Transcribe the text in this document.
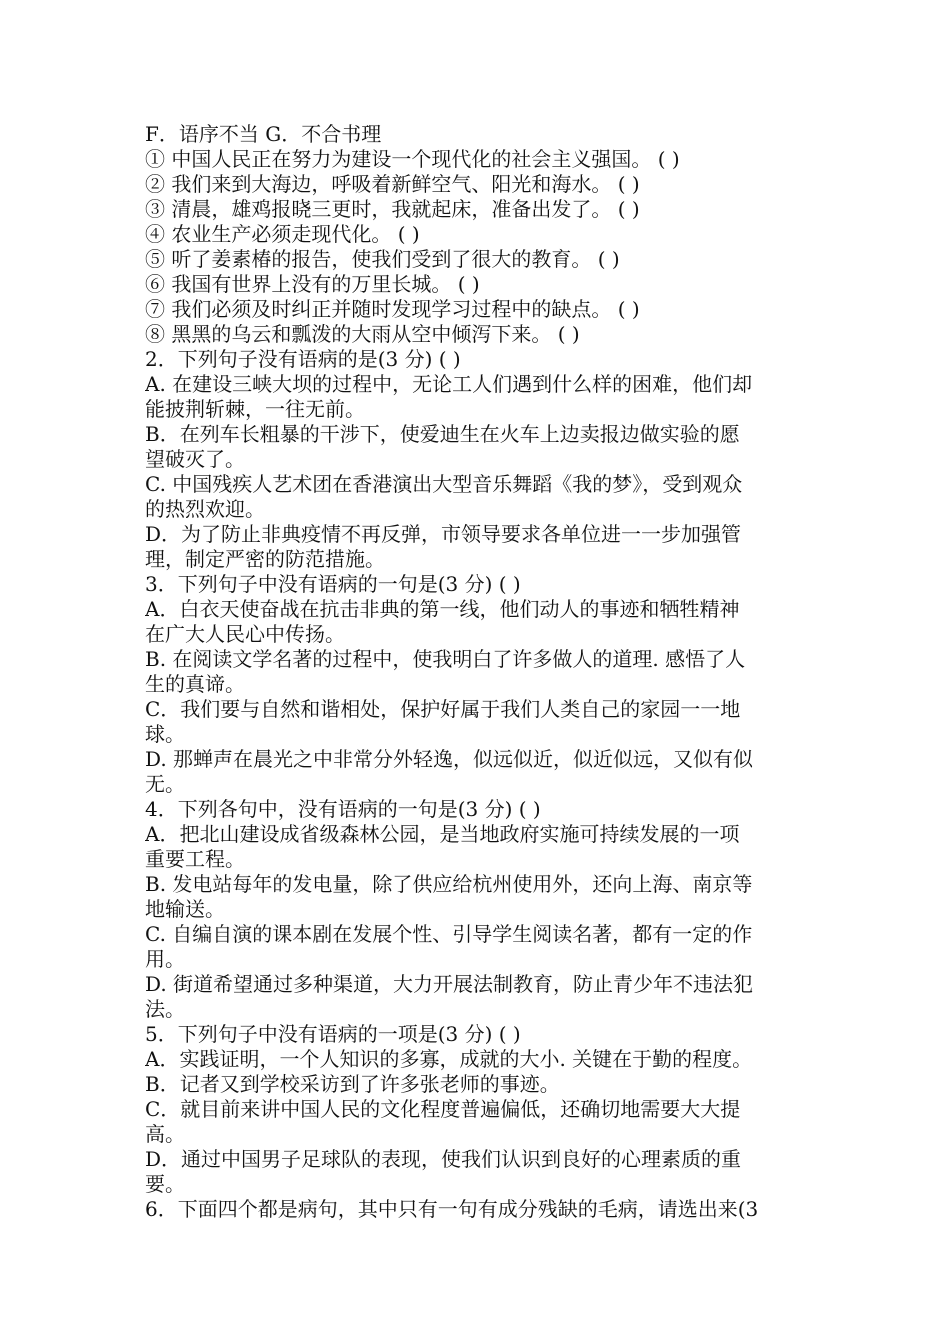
F．语序不当 G．不合书理
① 中国人民正在努力为建设一个现代化的社会主义强国。 ( )
② 我们来到大海边，呼吸着新鲜空气、阳光和海水。 ( )
③ 清晨，雄鸡报晓三更时，我就起床，准备出发了。 ( )
④ 农业生产必须走现代化。 ( )
⑤ 听了姜素椿的报告，使我们受到了很大的教育。 ( )
⑥ 我国有世界上没有的万里长城。 ( )
⑦ 我们必须及时纠正并随时发现学习过程中的缺点。 ( )
⑧ 黑黑的乌云和瓢泼的大雨从空中倾泻下来。 ( )
2．下列句子没有语病的是(3 分) ( )
A. 在建设三峡大坝的过程中，无论工人们遇到什么样的困难，他们却
能披荆斩棘，一往无前。
B．在列车长粗暴的干涉下，使爱迪生在火车上边卖报边做实验的愿
望破灭了。
C. 中国残疾人艺术团在香港演出大型音乐舞蹈《我的梦》，受到观众
的热烈欢迎。
D．为了防止非典疫情不再反弹，市领导要求各单位进一一步加强管
理，制定严密的防范措施。
3．下列句子中没有语病的一句是(3 分) ( )
A．白衣天使奋战在抗击非典的第一线，他们动人的事迹和牺牲精神
在广大人民心中传扬。
B. 在阅读文学名著的过程中，使我明白了许多做人的道理. 感悟了人
生的真谛。
C．我们要与自然和谐相处，保护好属于我们人类自己的家园一一地
球。
D. 那蝉声在晨光之中非常分外轻逸，似远似近，似近似远，又似有似
无。
4．下列各句中，没有语病的一句是(3 分) ( )
A．把北山建设成省级森林公园，是当地政府实施可持续发展的一项
重要工程。
B. 发电站每年的发电量，除了供应给杭州使用外，还向上海、南京等
地输送。
C. 自编自演的课本剧在发展个性、引导学生阅读名著，都有一定的作
用。
D. 街道希望通过多种渠道，大力开展法制教育，防止青少年不违法犯
法。
5．下列句子中没有语病的一项是(3 分) ( )
A．实践证明，一个人知识的多寡，成就的大小. 关键在于勤的程度。
B．记者又到学校采访到了许多张老师的事迹。
C．就目前来讲中国人民的文化程度普遍偏低，还确切地需要大大提
高。
D．通过中国男子足球队的表现，使我们认识到良好的心理素质的重
要。
6．下面四个都是病句，其中只有一句有成分残缺的毛病，请选出来(3
